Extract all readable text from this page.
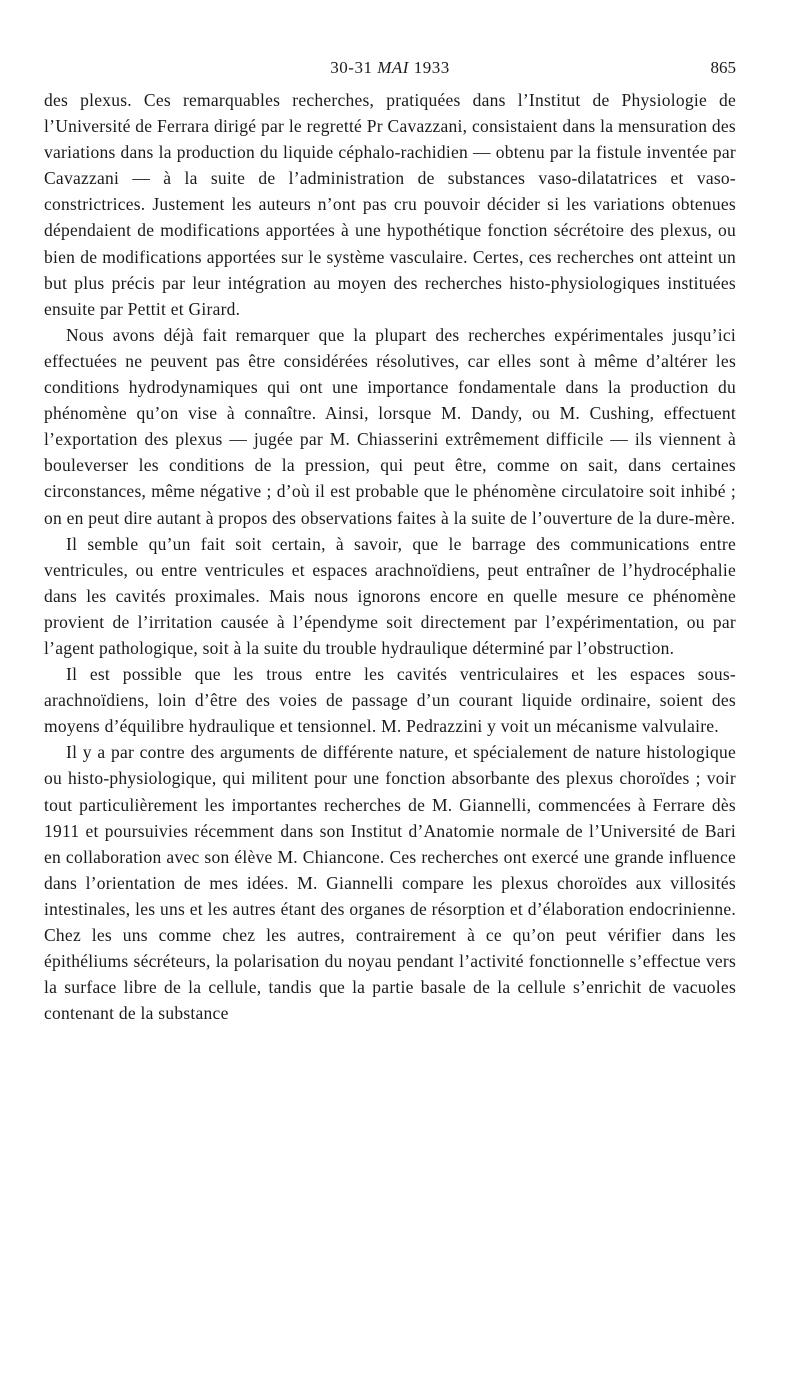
30-31 MAI 1933	865

des plexus. Ces remarquables recherches, pratiquées dans l’Institut de Physiologie de l’Université de Ferrara dirigé par le regretté Pr Cavazzani, consistaient dans la mensuration des variations dans la production du liquide céphalo-rachidien — obtenu par la fistule inventée par Cavazzani — à la suite de l’administration de substances vaso-dilatatrices et vaso-constrictrices. Justement les auteurs n’ont pas cru pouvoir décider si les variations obtenues dépendaient de modifications apportées à une hypothétique fonction sécrétoire des plexus, ou bien de modifications apportées sur le système vasculaire. Certes, ces recherches ont atteint un but plus précis par leur intégration au moyen des recherches histo-physiologiques instituées ensuite par Pettit et Girard.

Nous avons déjà fait remarquer que la plupart des recherches expérimentales jusqu’ici effectuées ne peuvent pas être considérées résolutives, car elles sont à même d’altérer les conditions hydrodynamiques qui ont une importance fondamentale dans la production du phénomène qu’on vise à connaître. Ainsi, lorsque M. Dandy, ou M. Cushing, effectuent l’exportation des plexus — jugée par M. Chiasserini extrêmement difficile — ils viennent à bouleverser les conditions de la pression, qui peut être, comme on sait, dans certaines circonstances, même négative ; d’où il est probable que le phénomène circulatoire soit inhibé ; on en peut dire autant à propos des observations faites à la suite de l’ouverture de la dure-mère.

Il semble qu’un fait soit certain, à savoir, que le barrage des communications entre ventricules, ou entre ventricules et espaces arachnoïdiens, peut entraîner de l’hydrocéphalie dans les cavités proximales. Mais nous ignorons encore en quelle mesure ce phénomène provient de l’irritation causée à l’épendyme soit directement par l’expérimentation, ou par l’agent pathologique, soit à la suite du trouble hydraulique déterminé par l’obstruction.

Il est possible que les trous entre les cavités ventriculaires et les espaces sous-arachnoïdiens, loin d’être des voies de passage d’un courant liquide ordinaire, soient des moyens d’équilibre hydraulique et tensionnel. M. Pedrazzini y voit un mécanisme valvulaire.

Il y a par contre des arguments de différente nature, et spécialement de nature histologique ou histo-physiologique, qui militent pour une fonction absorbante des plexus choroïdes ; voir tout particulièrement les importantes recherches de M. Giannelli, commencées à Ferrare dès 1911 et poursuivies récemment dans son Institut d’Anatomie normale de l’Université de Bari en collaboration avec son élève M. Chiancone. Ces recherches ont exercé une grande influence dans l’orientation de mes idées. M. Giannelli compare les plexus choroïdes aux villosités intestinales, les uns et les autres étant des organes de résorption et d’élaboration endocrinienne. Chez les uns comme chez les autres, contrairement à ce qu’on peut vérifier dans les épithéliums sécréteurs, la polarisation du noyau pendant l’activité fonctionnelle s’effectue vers la surface libre de la cellule, tandis que la partie basale de la cellule s’enrichit de vacuoles contenant de la substance
